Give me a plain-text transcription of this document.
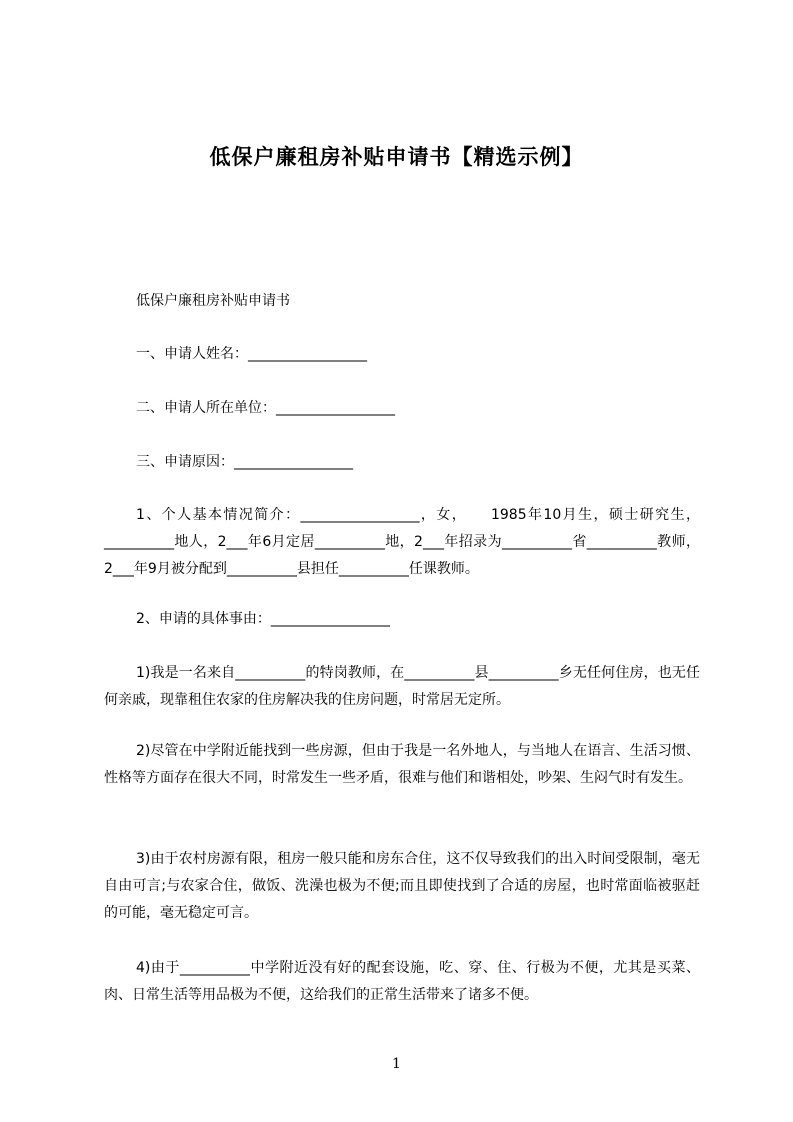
低保户廉租房补贴申请书【精选示例】
低保户廉租房补贴申请书
一、申请人姓名：_________________
二、申请人所在单位：_________________
三、申请原因：_________________
1、个人基本情况简介：_________________，女，　　1985年10月生，硕士研究生，__________地人，2___年6月定居__________地，2___年招录为__________省__________教师，2___年9月被分配到__________县担任__________任课教师。
2、申请的具体事由：_________________
1)我是一名来自__________的特岗教师，在__________县__________乡无任何住房，也无任何亲戚，现靠租住农家的住房解决我的住房问题，时常居无定所。
2)尽管在中学附近能找到一些房源，但由于我是一名外地人，与当地人在语言、生活习惯、性格等方面存在很大不同，时常发生一些矛盾，很难与他们和谐相处，吵架、生闷气时有发生。
3)由于农村房源有限，租房一般只能和房东合住，这不仅导致我们的出入时间受限制，毫无自由可言;与农家合住，做饭、洗澡也极为不便;而且即使找到了合适的房屋，也时常面临被驱赶的可能，毫无稳定可言。
4)由于__________中学附近没有好的配套设施，吃、穿、住、行极为不便，尤其是买菜、肉、日常生活等用品极为不便，这给我们的正常生活带来了诸多不便。
1
